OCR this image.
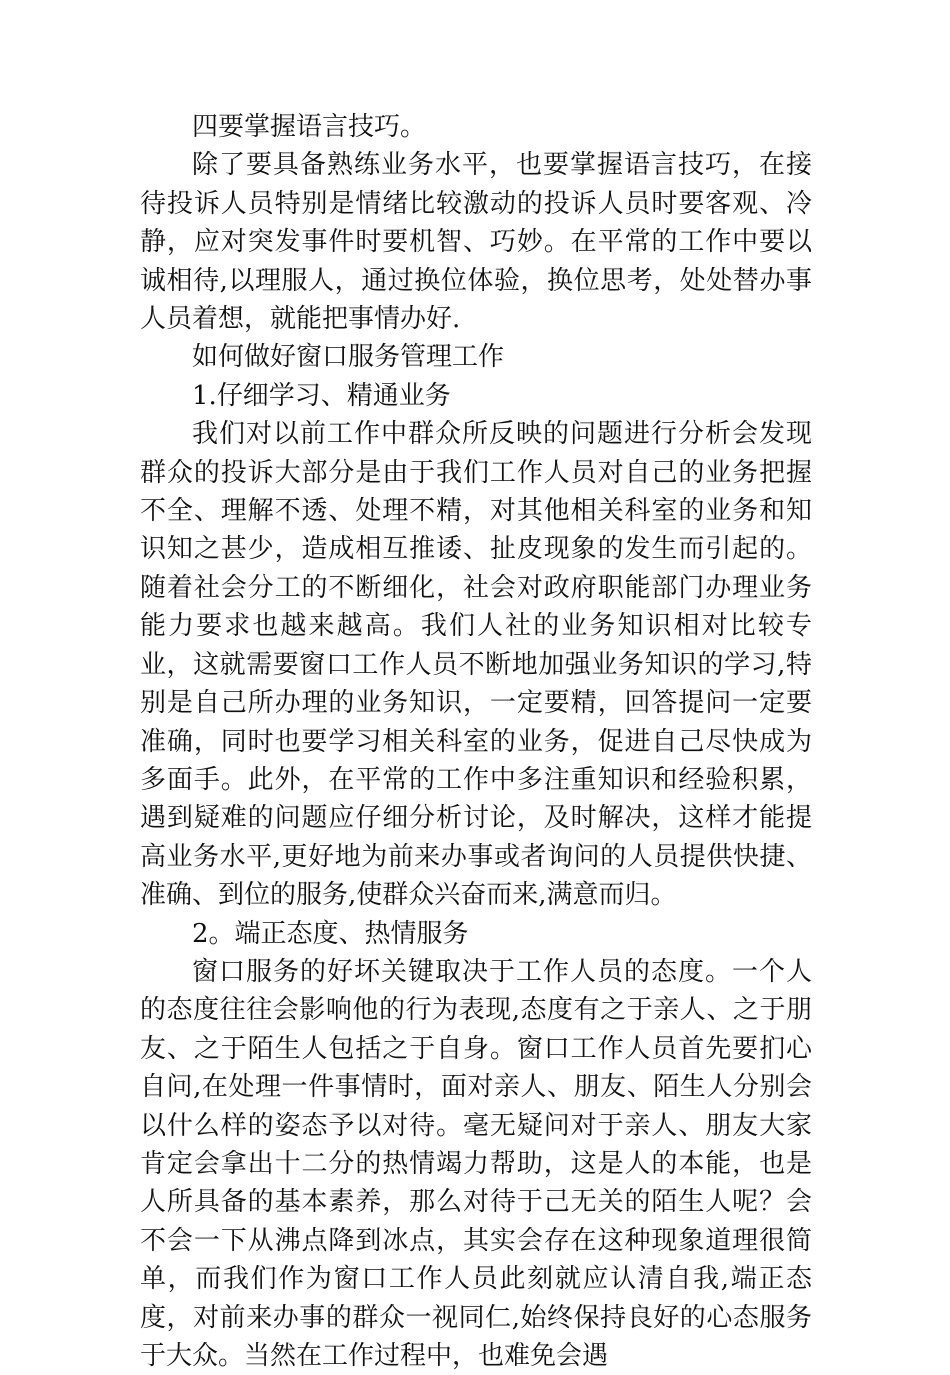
四要掌握语言技巧。

除了要具备熟练业务水平，也要掌握语言技巧，在接待投诉人员特别是情绪比较激动的投诉人员时要客观、冷静，应对突发事件时要机智、巧妙。在平常的工作中要以诚相待,以理服人，通过换位体验，换位思考，处处替办事人员着想，就能把事情办好.

如何做好窗口服务管理工作

1.仔细学习、精通业务

我们对以前工作中群众所反映的问题进行分析会发现群众的投诉大部分是由于我们工作人员对自己的业务把握不全、理解不透、处理不精，对其他相关科室的业务和知识知之甚少，造成相互推诿、扯皮现象的发生而引起的。随着社会分工的不断细化，社会对政府职能部门办理业务能力要求也越来越高。我们人社的业务知识相对比较专业，这就需要窗口工作人员不断地加强业务知识的学习,特别是自己所办理的业务知识，一定要精，回答提问一定要准确，同时也要学习相关科室的业务，促进自己尽快成为多面手。此外，在平常的工作中多注重知识和经验积累，遇到疑难的问题应仔细分析讨论，及时解决，这样才能提高业务水平,更好地为前来办事或者询问的人员提供快捷、准确、到位的服务,使群众兴奋而来,满意而归。

2。端正态度、热情服务

窗口服务的好坏关键取决于工作人员的态度。一个人的态度往往会影响他的行为表现,态度有之于亲人、之于朋友、之于陌生人包括之于自身。窗口工作人员首先要扪心自问,在处理一件事情时，面对亲人、朋友、陌生人分别会以什么样的姿态予以对待。毫无疑问对于亲人、朋友大家肯定会拿出十二分的热情竭力帮助，这是人的本能，也是人所具备的基本素养，那么对待于己无关的陌生人呢？会不会一下从沸点降到冰点，其实会存在这种现象道理很简单，而我们作为窗口工作人员此刻就应认清自我,端正态度，对前来办事的群众一视同仁,始终保持良好的心态服务于大众。当然在工作过程中，也难免会遇
